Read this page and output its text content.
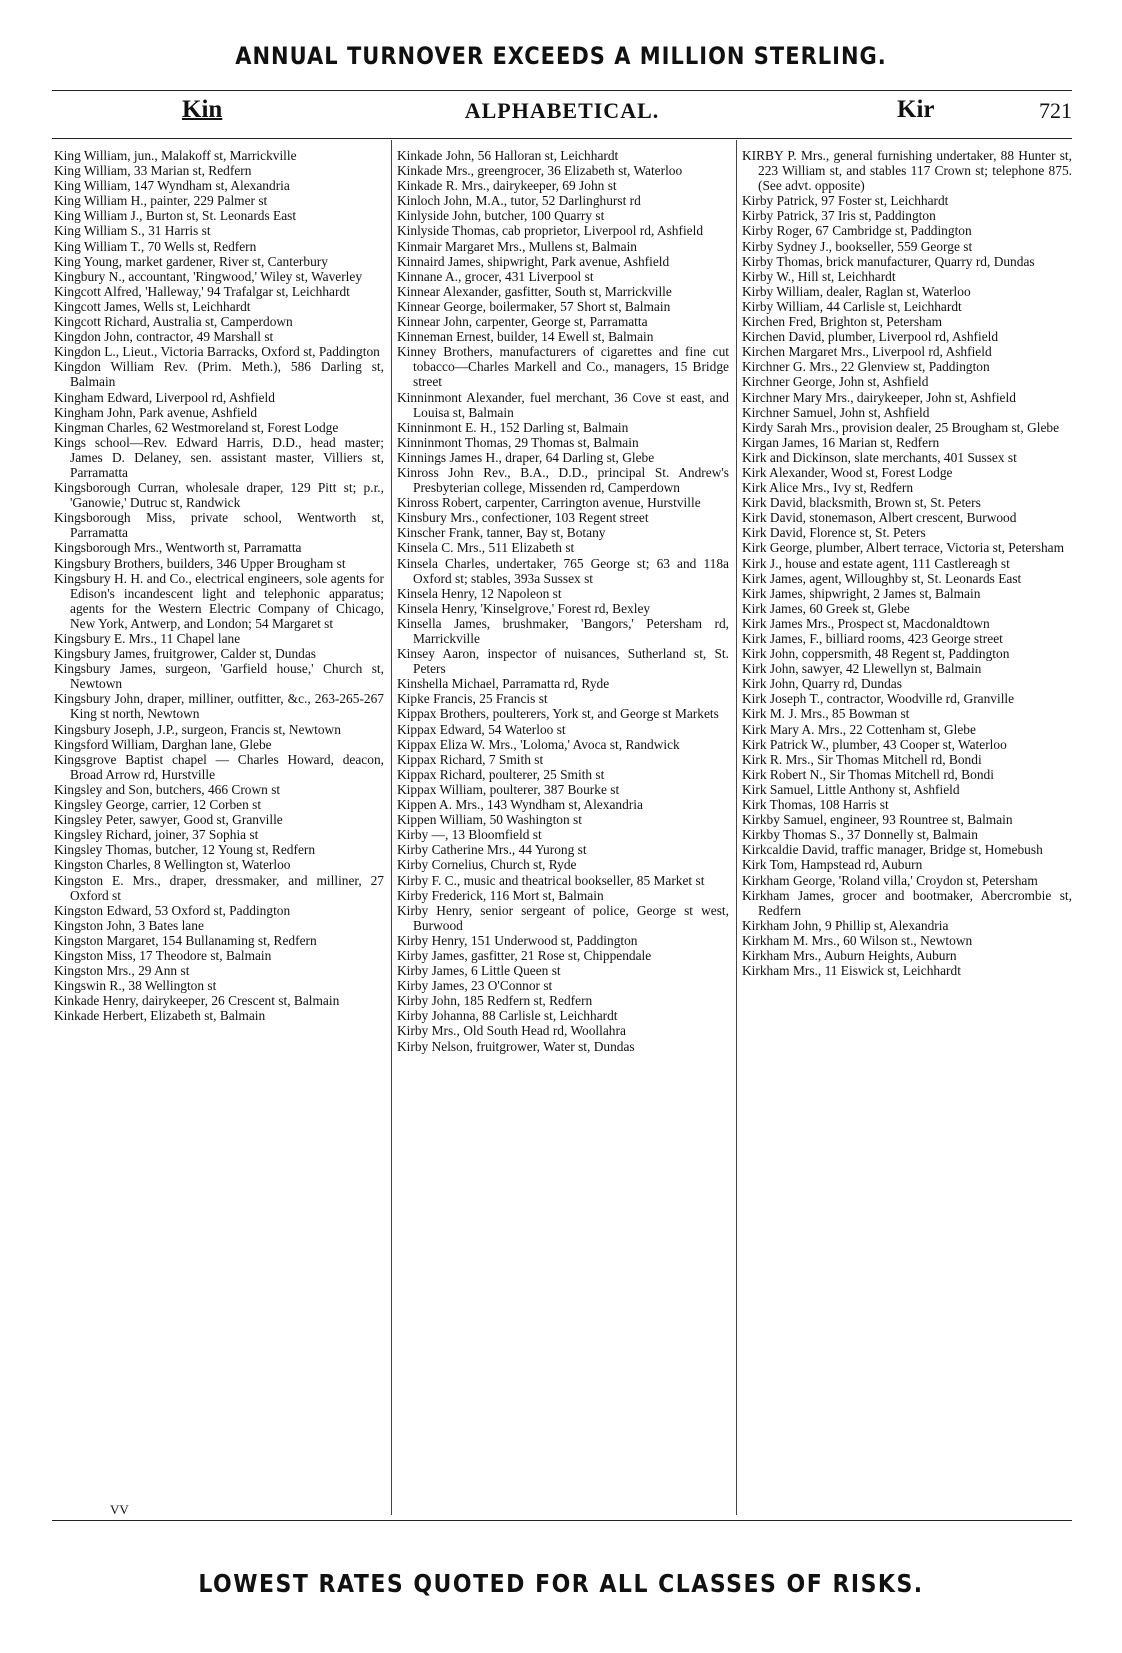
ANNUAL TURNOVER EXCEEDS A MILLION STERLING.
Kin	ALPHABETICAL.	Kir	721

King William, jun., Malakoff st, Marrickville

King William, 33 Marian st, Redfern

King William, 147 Wyndham st, Alexandria

King William H., painter, 229 Palmer st

King William J., Burton st, St. Leonards East

King William S., 31 Harris st

King William T., 70 Wells st, Redfern

King Young, market gardener, River st, Canterbury

Kingbury N., accountant, 'Ringwood,' Wiley st, Waverley

Kingcott Alfred, 'Halleway,' 94 Trafalgar st, Leichhardt

Kingcott James, Wells st, Leichhardt

Kingcott Richard, Australia st, Camperdown

Kingdon John, contractor, 49 Marshall st

Kingdon L., Lieut., Victoria Barracks, Oxford st, Paddington

Kingdon William Rev. (Prim. Meth.), 586 Darling st, Balmain

Kingham Edward, Liverpool rd, Ashfield

Kingham John, Park avenue, Ashfield

Kingman Charles, 62 Westmoreland st, Forest Lodge

Kings school—Rev. Edward Harris, D.D., head master; James D. Delaney, sen. assistant master, Villiers st, Parramatta

Kingsborough Curran, wholesale draper, 129 Pitt st; p.r., 'Ganowie,' Dutruc st, Randwick

Kingsborough Miss, private school, Wentworth st, Parramatta

Kingsborough Mrs., Wentworth st, Parramatta

Kingsbury Brothers, builders, 346 Upper Brougham st

Kingsbury H. H. and Co., electrical engineers, sole agents for Edison's incandescent light and telephonic apparatus; agents for the Western Electric Company of Chicago, New York, Antwerp, and London; 54 Margaret st

Kingsbury E. Mrs., 11 Chapel lane

Kingsbury James, fruitgrower, Calder st, Dundas

Kingsbury James, surgeon, 'Garfield house,' Church st, Newtown

Kingsbury John, draper, milliner, outfitter, &c., 263-265-267 King st north, Newtown

Kingsbury Joseph, J.P., surgeon, Francis st, Newtown

Kingsford William, Darghan lane, Glebe

Kingsgrove Baptist chapel — Charles Howard, deacon, Broad Arrow rd, Hurstville

Kingsley and Son, butchers, 466 Crown st

Kingsley George, carrier, 12 Corben st

Kingsley Peter, sawyer, Good st, Granville

Kingsley Richard, joiner, 37 Sophia st

Kingsley Thomas, butcher, 12 Young st, Redfern

Kingston Charles, 8 Wellington st, Waterloo

Kingston E. Mrs., draper, dressmaker, and milliner, 27 Oxford st

Kingston Edward, 53 Oxford st, Paddington

Kingston John, 3 Bates lane

Kingston Margaret, 154 Bullanaming st, Redfern

Kingston Miss, 17 Theodore st, Balmain

Kingston Mrs., 29 Ann st

Kingswin R., 38 Wellington st

Kinkade Henry, dairykeeper, 26 Crescent st, Balmain

Kinkade Herbert, Elizabeth st, Balmain

Kinkade John, 56 Halloran st, Leichhardt

Kinkade Mrs., greengrocer, 36 Elizabeth st, Waterloo

Kinkade R. Mrs., dairykeeper, 69 John st

Kinloch John, M.A., tutor, 52 Darlinghurst rd

Kinlyside John, butcher, 100 Quarry st

Kinlyside Thomas, cab proprietor, Liverpool rd, Ashfield

Kinmair Margaret Mrs., Mullens st, Balmain

Kinnaird James, shipwright, Park avenue, Ashfield

Kinnane A., grocer, 431 Liverpool st

Kinnear Alexander, gasfitter, South st, Marrickville

Kinnear George, boilermaker, 57 Short st, Balmain

Kinnear John, carpenter, George st, Parramatta

Kinneman Ernest, builder, 14 Ewell st, Balmain

Kinney Brothers, manufacturers of cigarettes and fine cut tobacco—Charles Markell and Co., managers, 15 Bridge street

Kinninmont Alexander, fuel merchant, 36 Cove st east, and Louisa st, Balmain

Kinninmont E. H., 152 Darling st, Balmain

Kinninmont Thomas, 29 Thomas st, Balmain

Kinnings James H., draper, 64 Darling st, Glebe

Kinross John Rev., B.A., D.D., principal St. Andrew's Presbyterian college, Missenden rd, Camperdown

Kinross Robert, carpenter, Carrington avenue, Hurstville

Kinsbury Mrs., confectioner, 103 Regent street

Kinscher Frank, tanner, Bay st, Botany

Kinsela C. Mrs., 511 Elizabeth st

Kinsela Charles, undertaker, 765 George st; 63 and 118a Oxford st; stables, 393a Sussex st

Kinsela Henry, 12 Napoleon st

Kinsela Henry, 'Kinselgrove,' Forest rd, Bexley

Kinsella James, brushmaker, 'Bangors,' Petersham rd, Marrickville

Kinsey Aaron, inspector of nuisances, Sutherland st, St. Peters

Kinshella Michael, Parramatta rd, Ryde

Kipke Francis, 25 Francis st

Kippax Brothers, poulterers, York st, and George st Markets

Kippax Edward, 54 Waterloo st

Kippax Eliza W. Mrs., 'Loloma,' Avoca st, Randwick

Kippax Richard, 7 Smith st

Kippax Richard, poulterer, 25 Smith st

Kippax William, poulterer, 387 Bourke st

Kippen A. Mrs., 143 Wyndham st, Alexandria

Kippen William, 50 Washington st

Kirby —, 13 Bloomfield st

Kirby Catherine Mrs., 44 Yurong st

Kirby Cornelius, Church st, Ryde

Kirby F. C., music and theatrical bookseller, 85 Market st

Kirby Frederick, 116 Mort st, Balmain

Kirby Henry, senior sergeant of police, George st west, Burwood

Kirby Henry, 151 Underwood st, Paddington

Kirby James, gasfitter, 21 Rose st, Chippendale

Kirby James, 6 Little Queen st

Kirby James, 23 O'Connor st

Kirby John, 185 Redfern st, Redfern

Kirby Johanna, 88 Carlisle st, Leichhardt

Kirby Mrs., Old South Head rd, Woollahra

Kirby Nelson, fruitgrower, Water st, Dundas

KIRBY P. Mrs., general furnishing undertaker, 88 Hunter st, 223 William st, and stables 117 Crown st; telephone 875. (See advt. opposite)

Kirby Patrick, 97 Foster st, Leichhardt

Kirby Patrick, 37 Iris st, Paddington

Kirby Roger, 67 Cambridge st, Paddington

Kirby Sydney J., bookseller, 559 George st

Kirby Thomas, brick manufacturer, Quarry rd, Dundas

Kirby W., Hill st, Leichhardt

Kirby William, dealer, Raglan st, Waterloo

Kirby William, 44 Carlisle st, Leichhardt

Kirchen Fred, Brighton st, Petersham

Kirchen David, plumber, Liverpool rd, Ashfield

Kirchen Margaret Mrs., Liverpool rd, Ashfield

Kirchner G. Mrs., 22 Glenview st, Paddington

Kirchner George, John st, Ashfield

Kirchner Mary Mrs., dairykeeper, John st, Ashfield

Kirchner Samuel, John st, Ashfield

Kirdy Sarah Mrs., provision dealer, 25 Brougham st, Glebe

Kirgan James, 16 Marian st, Redfern

Kirk and Dickinson, slate merchants, 401 Sussex st

Kirk Alexander, Wood st, Forest Lodge

Kirk Alice Mrs., Ivy st, Redfern

Kirk David, blacksmith, Brown st, St. Peters

Kirk David, stonemason, Albert crescent, Burwood

Kirk David, Florence st, St. Peters

Kirk George, plumber, Albert terrace, Victoria st, Petersham

Kirk J., house and estate agent, 111 Castlereagh st

Kirk James, agent, Willoughby st, St. Leonards East

Kirk James, shipwright, 2 James st, Balmain

Kirk James, 60 Greek st, Glebe

Kirk James Mrs., Prospect st, Macdonaldtown

Kirk James, F., billiard rooms, 423 George street

Kirk John, coppersmith, 48 Regent st, Paddington

Kirk John, sawyer, 42 Llewellyn st, Balmain

Kirk John, Quarry rd, Dundas

Kirk Joseph T., contractor, Woodville rd, Granville

Kirk M. J. Mrs., 85 Bowman st

Kirk Mary A. Mrs., 22 Cottenham st, Glebe

Kirk Patrick W., plumber, 43 Cooper st, Waterloo

Kirk R. Mrs., Sir Thomas Mitchell rd, Bondi

Kirk Robert N., Sir Thomas Mitchell rd, Bondi

Kirk Samuel, Little Anthony st, Ashfield

Kirk Thomas, 108 Harris st

Kirkby Samuel, engineer, 93 Rountree st, Balmain

Kirkby Thomas S., 37 Donnelly st, Balmain

Kirkcaldie David, traffic manager, Bridge st, Homebush

Kirk Tom, Hampstead rd, Auburn

Kirkham George, 'Roland villa,' Croydon st, Petersham

Kirkham James, grocer and bootmaker, Abercrombie st, Redfern

Kirkham John, 9 Phillip st, Alexandria

Kirkham M. Mrs., 60 Wilson st., Newtown

Kirkham Mrs., Auburn Heights, Auburn

Kirkham Mrs., 11 Eiswick st, Leichhardt

VV
LOWEST RATES QUOTED FOR ALL CLASSES OF RISKS.
